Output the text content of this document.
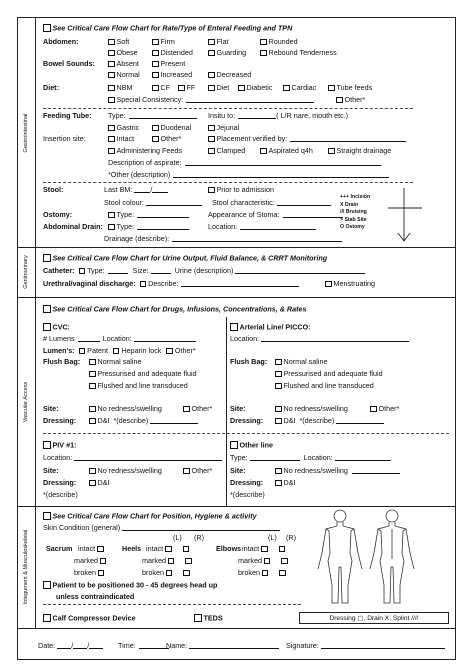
Gastrointestinal
Genitourinary
Vascular Access
Integument & Musculoskeletal
See Critical Care Flow Chart for Rate/Type of Enteral Feeding and TPN
Abdomen:	Soft	Firm	Flat	Rounded
Obese	Distended	Guarding	Rebound Tenderness
Bowel Sounds:	Absent	Present
Normal	Increased	Decreased
Diet:	NBM	CF	FF	Diet	Diabetic	Cardiac	Tube feeds
Special Consistency:	Other*
Feeding Tube: Type:	Insitu to:	( L/R nare, mouth etc.)
Gastric	Duodenal	Jejunal
Insertion site:	Intact	Other*	Placement verified by:
Administering Feeds	Clamped	Aspirated q4h	Straight drainage
Description of aspirate:
*Other (description)
Stool:	Last BM:	/	Prior to admission
Stool colour:	Stool characteristic:
Ostomy:	Type:	Appearance of Stoma:
Abdominal Drain:	Type:	Location:
Drainage (describe):
+++ Incision
X Drain
/// Bruising
> Stab Site
O Ostomy
See Critical Care Flow Chart for Urine Output, Fluid Balance, & CRRT Monitoring
Catheter: Type:	Size:	Urine (description)
Urethral/vaginal discharge: Describe:	Menstruating
See Critical Care Flow Chart for Drugs, Infusions, Concentrations, & Rates
CVC:
# Lumens	Location:
Lumen's: Patent Heparin lock Other*
Flush Bag:	Normal saline
Pressurised and adequate fluid
Flushed and line transduced
Site:	No redness/swelling	Other*
Dressing:	D&I *(describe)
Arterial Line/ PICCO:
Location:
Flush Bag:	Normal saline
Pressurised and adequate fluid
Flushed and line transduced
Site:	No redness/swelling	Other*
Dressing:	D&I *(describe)
PIV #1:
Location:
Site:	No redness/swelling	Other*
Dressing:	D&I
*(describe)
Other line
Type:	Location:
Site:	No redness/swelling
Dressing:	D&I
*(describe)
See Critical Care Flow Chart for Position, Hygiene & activity
Skin Condition (general)
(L) (R)	(L) (R)
Sacrum intact	Heels intact	Elbows intact
marked	marked	marked
broken	broken	broken
Patient to be positioned 30 - 45 degrees head up
unless contraindicated
Calf Compressor Device	TEDS	Dressing ▢, Drain X, Splint ////
Date: / /	Time:	Name:	Signature:
